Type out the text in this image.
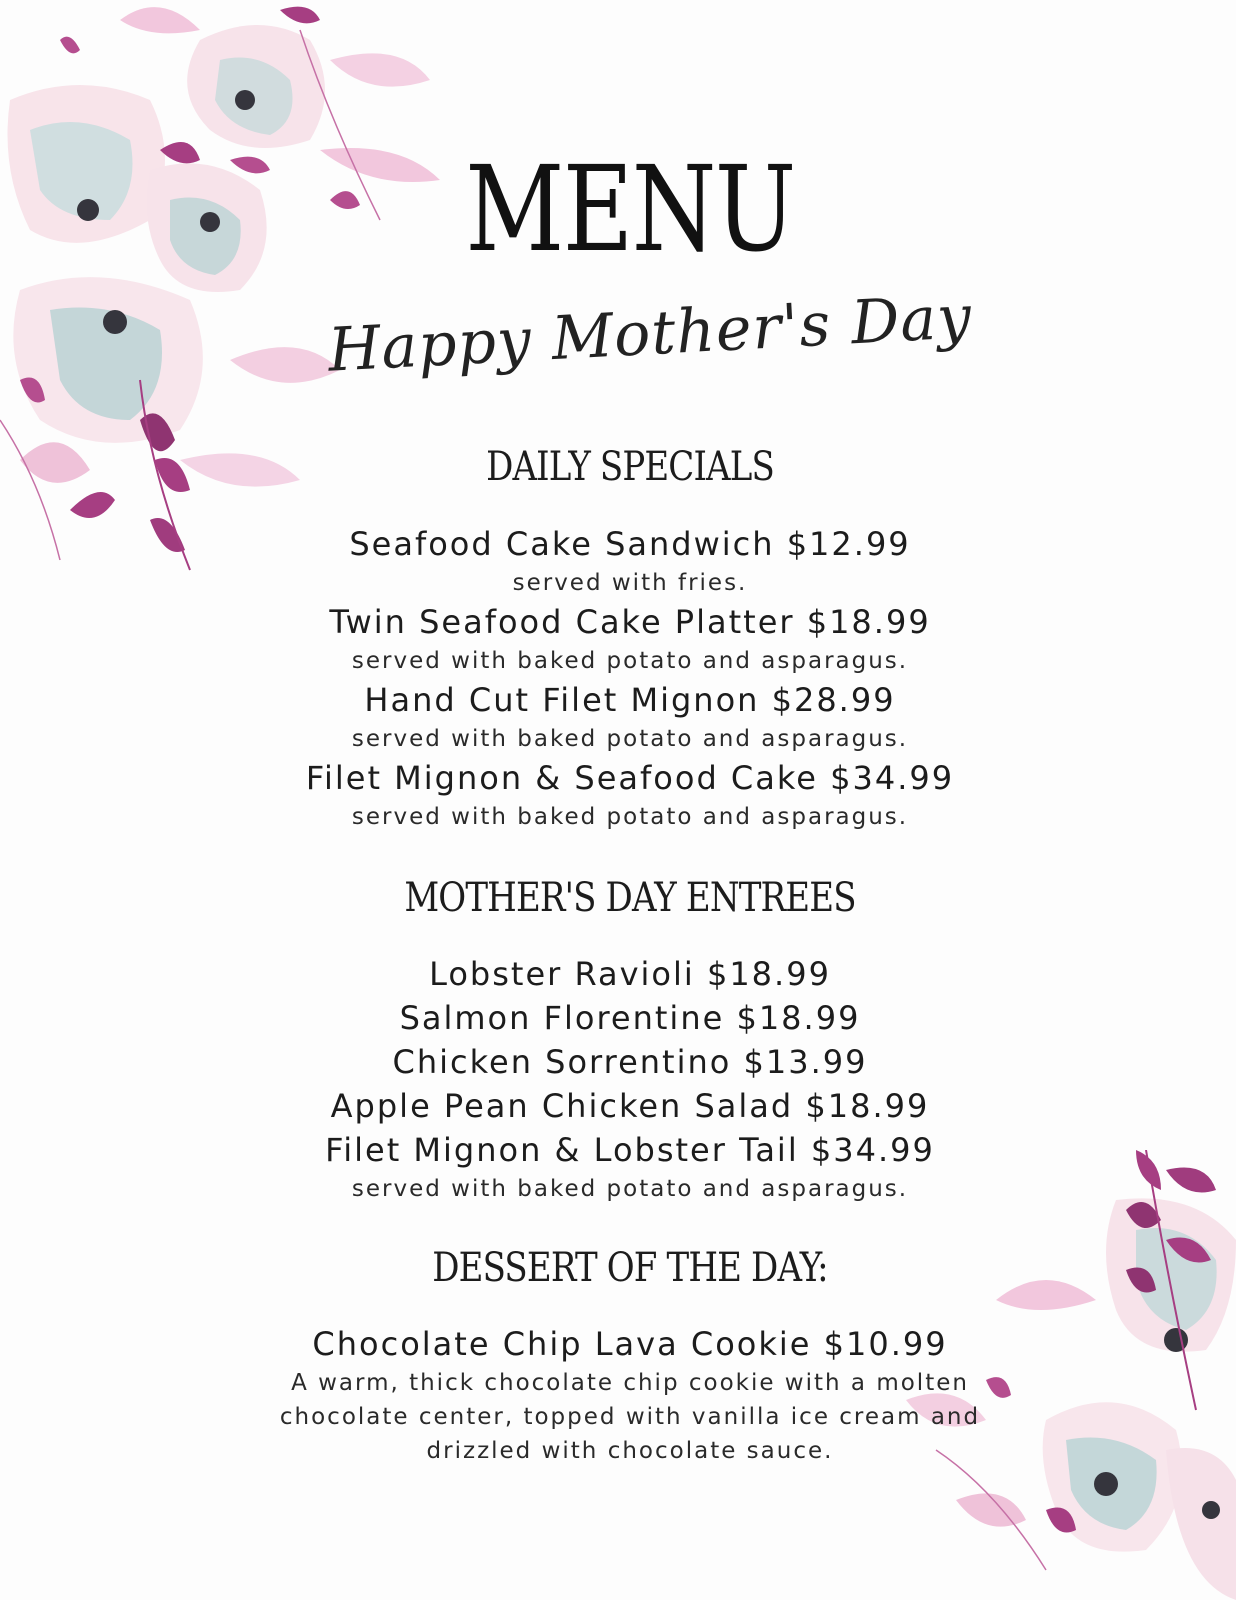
MENU
Happy Mother's Day
DAILY SPECIALS
Seafood Cake Sandwich $12.99
served with fries.
Twin Seafood Cake Platter $18.99
served with baked potato and asparagus.
Hand Cut Filet Mignon $28.99
served with baked potato and asparagus.
Filet Mignon & Seafood Cake $34.99
served with baked potato and asparagus.
MOTHER'S DAY ENTREES
Lobster Ravioli $18.99
Salmon Florentine $18.99
Chicken Sorrentino $13.99
Apple Pean Chicken Salad $18.99
Filet Mignon & Lobster Tail $34.99
served with baked potato and asparagus.
DESSERT OF THE DAY:
Chocolate Chip Lava Cookie $10.99
A warm, thick chocolate chip cookie with a molten chocolate center, topped with vanilla ice cream and drizzled with chocolate sauce.
